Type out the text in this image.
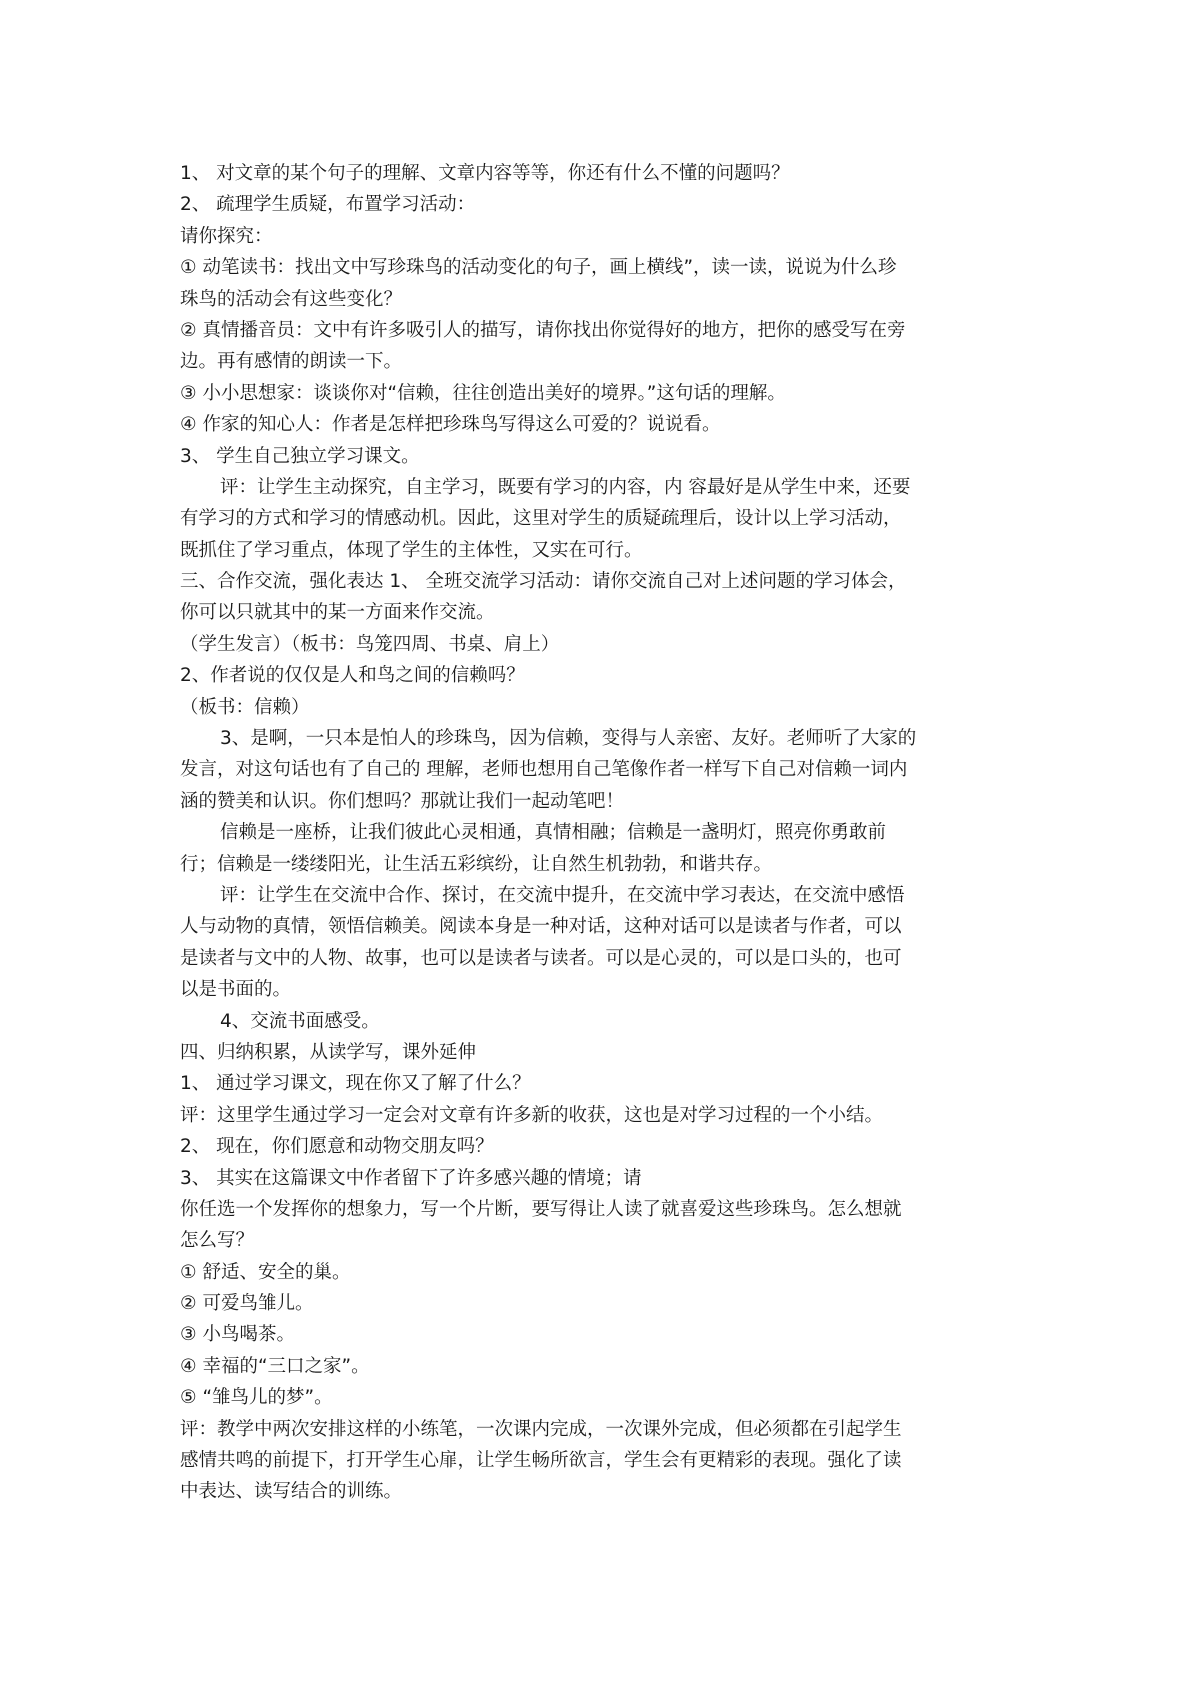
1、 对文章的某个句子的理解、文章内容等等，你还有什么不懂的问题吗？
2、 疏理学生质疑，布置学习活动：
请你探究：
① 动笔读书：找出文中写珍珠鸟的活动变化的句子，画上横线”，读一读，说说为什么珍
珠鸟的活动会有这些变化？
② 真情播音员：文中有许多吸引人的描写，请你找出你觉得好的地方，把你的感受写在旁
边。再有感情的朗读一下。
③ 小小思想家：谈谈你对“信赖，往往创造出美好的境界。”这句话的理解。
④ 作家的知心人：作者是怎样把珍珠鸟写得这么可爱的？说说看。
3、 学生自己独立学习课文。
评：让学生主动探究，自主学习，既要有学习的内容，内 容最好是从学生中来，还要
有学习的方式和学习的情感动机。因此，这里对学生的质疑疏理后，设计以上学习活动，
既抓住了学习重点，体现了学生的主体性，又实在可行。
三、合作交流，强化表达 1、 全班交流学习活动：请你交流自己对上述问题的学习体会，
你可以只就其中的某一方面来作交流。
（学生发言）（板书：鸟笼四周、书桌、肩上）
2、作者说的仅仅是人和鸟之间的信赖吗？
（板书：信赖）
3、是啊，一只本是怕人的珍珠鸟，因为信赖，变得与人亲密、友好。老师听了大家的
发言，对这句话也有了自己的 理解，老师也想用自己笔像作者一样写下自己对信赖一词内
涵的赞美和认识。你们想吗？那就让我们一起动笔吧！
信赖是一座桥，让我们彼此心灵相通，真情相融；信赖是一盏明灯，照亮你勇敢前
行；信赖是一缕缕阳光，让生活五彩缤纷，让自然生机勃勃，和谐共存。
评：让学生在交流中合作、探讨，在交流中提升，在交流中学习表达，在交流中感悟
人与动物的真情，领悟信赖美。阅读本身是一种对话，这种对话可以是读者与作者，可以
是读者与文中的人物、故事，也可以是读者与读者。可以是心灵的，可以是口头的，也可
以是书面的。
4、交流书面感受。
四、归纳积累，从读学写，课外延伸
1、 通过学习课文，现在你又了解了什么？
评：这里学生通过学习一定会对文章有许多新的收获，这也是对学习过程的一个小结。
2、 现在，你们愿意和动物交朋友吗？
3、 其实在这篇课文中作者留下了许多感兴趣的情境；请
你任选一个发挥你的想象力，写一个片断，要写得让人读了就喜爱这些珍珠鸟。怎么想就
怎么写？
① 舒适、安全的巢。
② 可爱鸟雏儿。
③ 小鸟喝茶。
④ 幸福的“三口之家”。
⑤ “雏鸟儿的梦”。
评：教学中两次安排这样的小练笔，一次课内完成，一次课外完成，但必须都在引起学生
感情共鸣的前提下，打开学生心扉，让学生畅所欲言，学生会有更精彩的表现。强化了读
中表达、读写结合的训练。
